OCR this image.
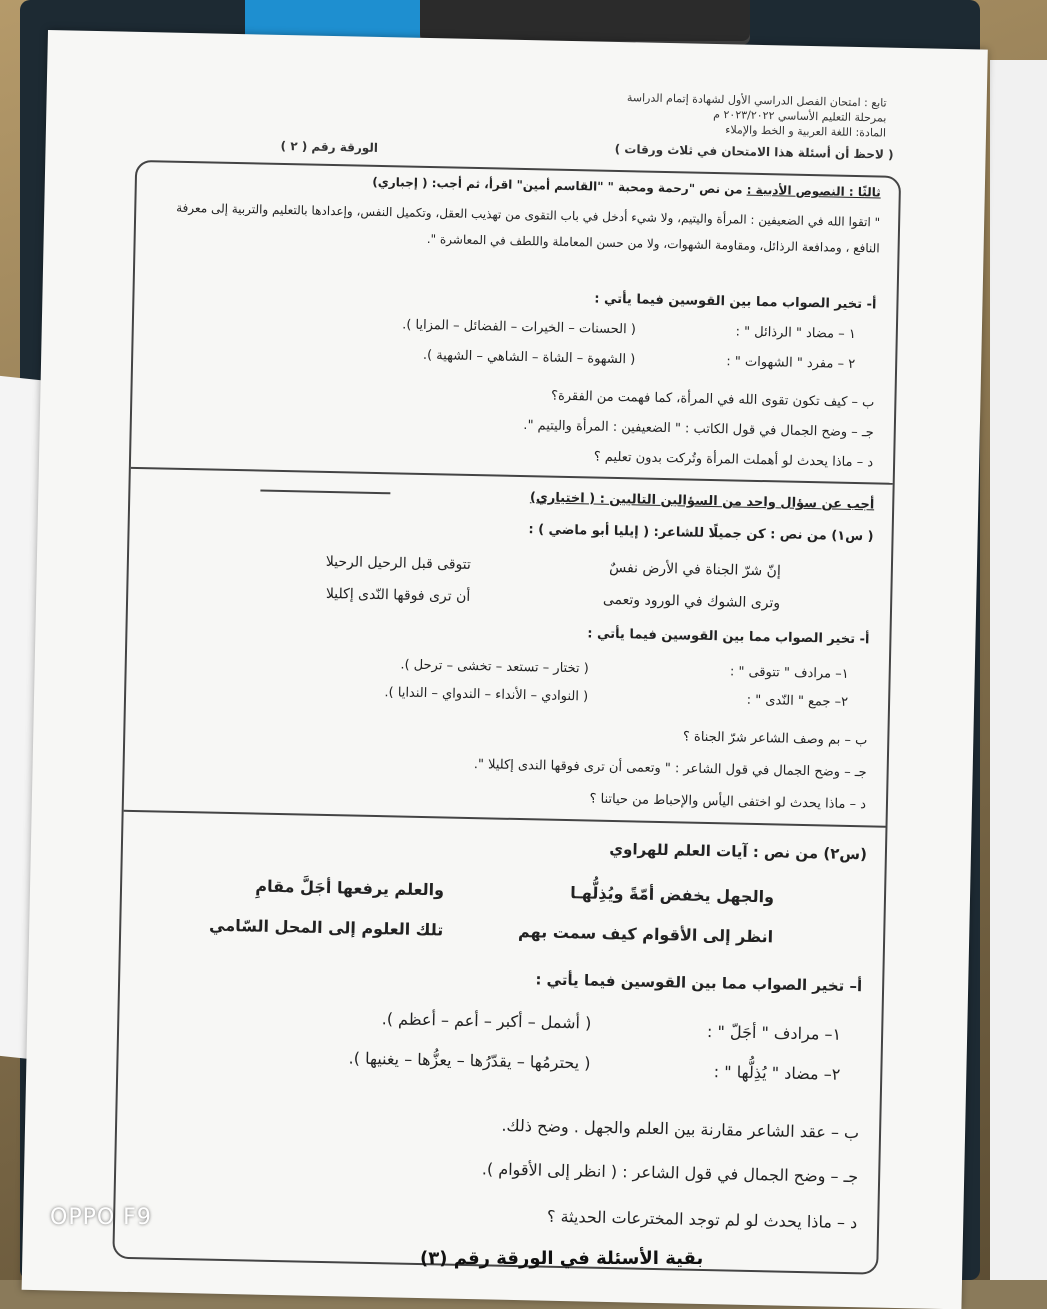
تابع : امتحان الفصل الدراسي الأول لشهادة إتمام الدراسة
بمرحلة التعليم الأساسي ٢٠٢٣/٢٠٢٢ م
المادة: اللغة العربية و الخط والإملاء
( لاحظ أن أسئلة هذا الامتحان في ثلاث ورقات )
الورقة رقم ( ٢ )
ثالثًا : النصوص الأدبية : من نص "رحمة ومحبة " "القاسم أمين" اقرأ، ثم أجب: ( إجباري)
" اتقوا الله في الضعيفين : المرأة واليتيم، ولا شيء أدخل في باب التقوى من تهذيب العقل، وتكميل النفس، وإعدادها بالتعليم والتربية إلى معرفة النافع ، ومدافعة الرذائل، ومقاومة الشهوات، ولا من حسن المعاملة واللطف في المعاشرة ".
أ- تخير الصواب مما بين القوسين فيما يأتي :
١ – مضاد " الرذائل " :
( الحسنات – الخيرات – الفضائل – المزايا ).
٢ – مفرد " الشهوات " :
( الشهوة – الشاة – الشاهي – الشهية ).
ب – كيف تكون تقوى الله في المرأة، كما فهمت من الفقرة؟
جـ – وضح الجمال في قول الكاتب : " الضعيفين : المرأة واليتيم ".
د – ماذا يحدث لو أهملت المرأة وتُركت بدون تعليم ؟
أجب عن سؤال واحد من السؤالين التاليين : ( اختياري)
( س١) من نص : كن جميلًا للشاعر: ( إيليا أبو ماضي ) :
إنّ شرّ الجناة في الأرض نفسٌ
تتوقى قبل الرحيل الرحيلا
وترى الشوك في الورود وتعمى
أن ترى فوقها النّدى إكليلا
أ- تخير الصواب مما بين القوسين فيما يأتي :
١– مرادف " تتوقى " :
( تختار – تستعد – تخشى – ترحل ).
٢– جمع " النّدى " :
( النوادي – الأنداء – الندواي – الندايا ).
ب – بم وصف الشاعر شرّ الجناة ؟
جـ – وضح الجمال في قول الشاعر : " وتعمى أن ترى فوقها الندى إكليلا ".
د – ماذا يحدث لو اختفى اليأس والإحباط من حياتنا ؟
(س٢) من نص : آيات العلم للهراوي
والجهل يخفض أمّةً ويُذِلُّهـا
والعلم يرفعها أجَلَّ مقامِ
انظر إلى الأقوام كيف سمت بهم
تلك العلوم إلى المحل السّامي
أ– تخير الصواب مما بين القوسين فيما يأتي :
١– مرادف " أجَلّ " :
( أشمل – أكبر – أعم – أعظم ).
٢– مضاد " يُذِلُّها " :
( يحترمُها – يقدّرُها – يعزُّها – يغنيها ).
ب – عقد الشاعر مقارنة بين العلم والجهل . وضح ذلك.
جـ – وضح الجمال في قول الشاعر : ( انظر إلى الأقوام ).
د – ماذا يحدث لو لم توجد المخترعات الحديثة ؟
بقية الأسئلة في الورقة رقم (٣)
OPPO F9
